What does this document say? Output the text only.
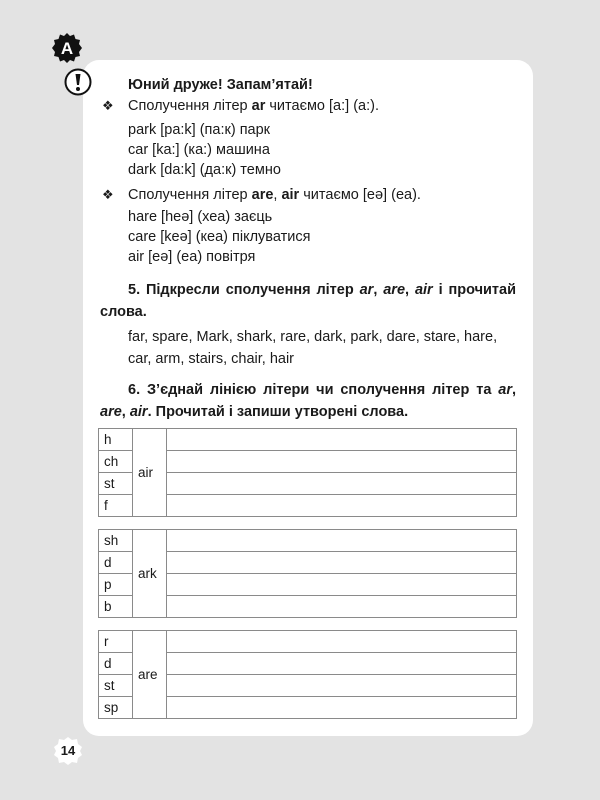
A
Юний друже! Запам’ятай!
❖ Сполучення літер ar читаємо [a:] (a:).
park [pa:k] (па:к) парк
car [ka:] (ка:) машина
dark [da:k] (да:к) темно
❖ Сполучення літер are, air читаємо [eə] (еа).
hare [heə] (хеа) заєць
care [keə] (кеа) піклуватися
air [eə] (еа) повітря
5. Підкресли сполучення літер ar, are, air і прочитай слова.
far, spare, Mark, shark, rare, dark, park, dare, stare, hare, car, arm, stairs, chair, hair
6. З’єднай лінією літери чи сполучення літер та ar, are, air. Прочитай і запиши утворені слова.
h	air	
ch		
st		
f		
sh	ark	
d		
p		
b		
r	are	
d		
st		
sp		
14
